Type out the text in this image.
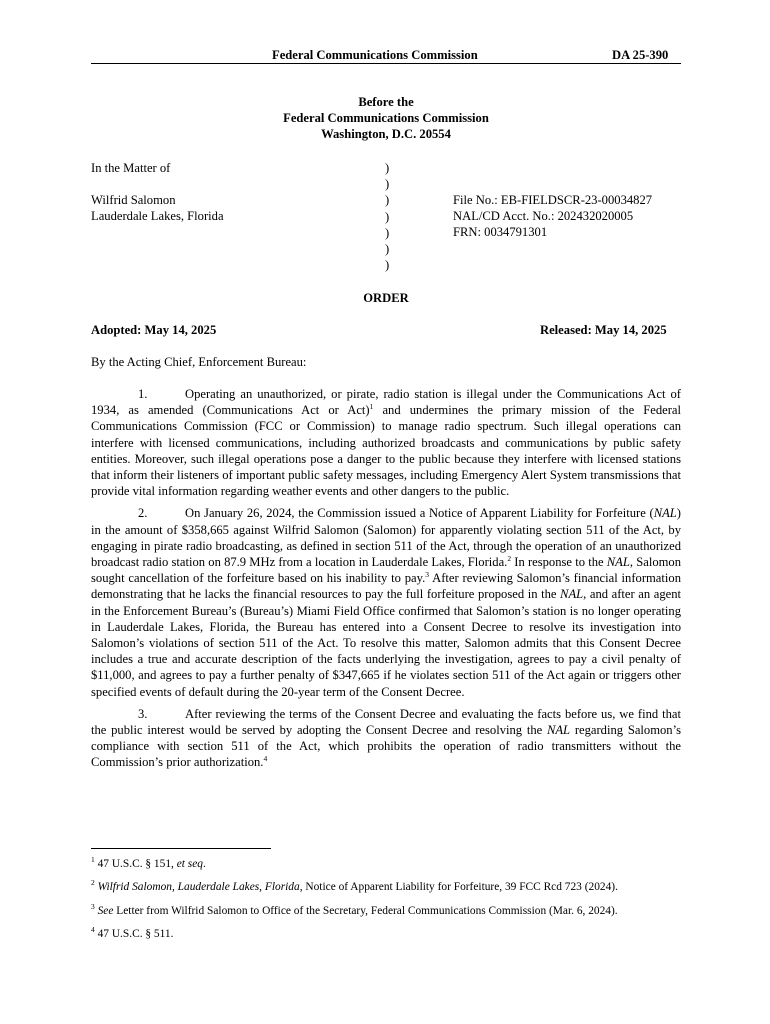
Federal Communications Commission	DA 25-390
Before the
Federal Communications Commission
Washington, D.C. 20554
In the Matter of
Wilfrid Salomon
Lauderdale Lakes, Florida
)
)
)
)
)
)
)
File No.: EB-FIELDSCR-23-00034827
NAL/CD Acct. No.: 202432020005
FRN: 0034791301
ORDER
Adopted: May 14, 2025	Released: May 14, 2025
By the Acting Chief, Enforcement Bureau:

1.	Operating an unauthorized, or pirate, radio station is illegal under the Communications Act of 1934, as amended (Communications Act or Act)$^1$ and undermines the primary mission of the Federal Communications Commission (FCC or Commission) to manage radio spectrum. Such illegal operations can interfere with licensed communications, including authorized broadcasts and communications by public safety entities. Moreover, such illegal operations pose a danger to the public because they interfere with licensed stations that inform their listeners of important public safety messages, including Emergency Alert System transmissions that provide vital information regarding weather events and other dangers to the public.

2.	On January 26, 2024, the Commission issued a Notice of Apparent Liability for Forfeiture (NAL) in the amount of $358,665 against Wilfrid Salomon (Salomon) for apparently violating section 511 of the Act, by engaging in pirate radio broadcasting, as defined in section 511 of the Act, through the operation of an unauthorized broadcast radio station on 87.9 MHz from a location in Lauderdale Lakes, Florida.$^2$ In response to the NAL, Salomon sought cancellation of the forfeiture based on his inability to pay.$^3$ After reviewing Salomon’s financial information demonstrating that he lacks the financial resources to pay the full forfeiture proposed in the NAL, and after an agent in the Enforcement Bureau’s (Bureau’s) Miami Field Office confirmed that Salomon’s station is no longer operating in Lauderdale Lakes, Florida, the Bureau has entered into a Consent Decree to resolve its investigation into Salomon’s violations of section 511 of the Act. To resolve this matter, Salomon admits that this Consent Decree includes a true and accurate description of the facts underlying the investigation, agrees to pay a civil penalty of $11,000, and agrees to pay a further penalty of $347,665 if he violates section 511 of the Act again or triggers other specified events of default during the 20-year term of the Consent Decree.

3.	After reviewing the terms of the Consent Decree and evaluating the facts before us, we find that the public interest would be served by adopting the Consent Decree and resolving the NAL regarding Salomon’s compliance with section 511 of the Act, which prohibits the operation of radio transmitters without the Commission’s prior authorization.$^4$

$^1$ 47 U.S.C. § 151, et seq.
$^2$ Wilfrid Salomon, Lauderdale Lakes, Florida, Notice of Apparent Liability for Forfeiture, 39 FCC Rcd 723 (2024).
$^3$ See Letter from Wilfrid Salomon to Office of the Secretary, Federal Communications Commission (Mar. 6, 2024).
$^4$ 47 U.S.C. § 511.
